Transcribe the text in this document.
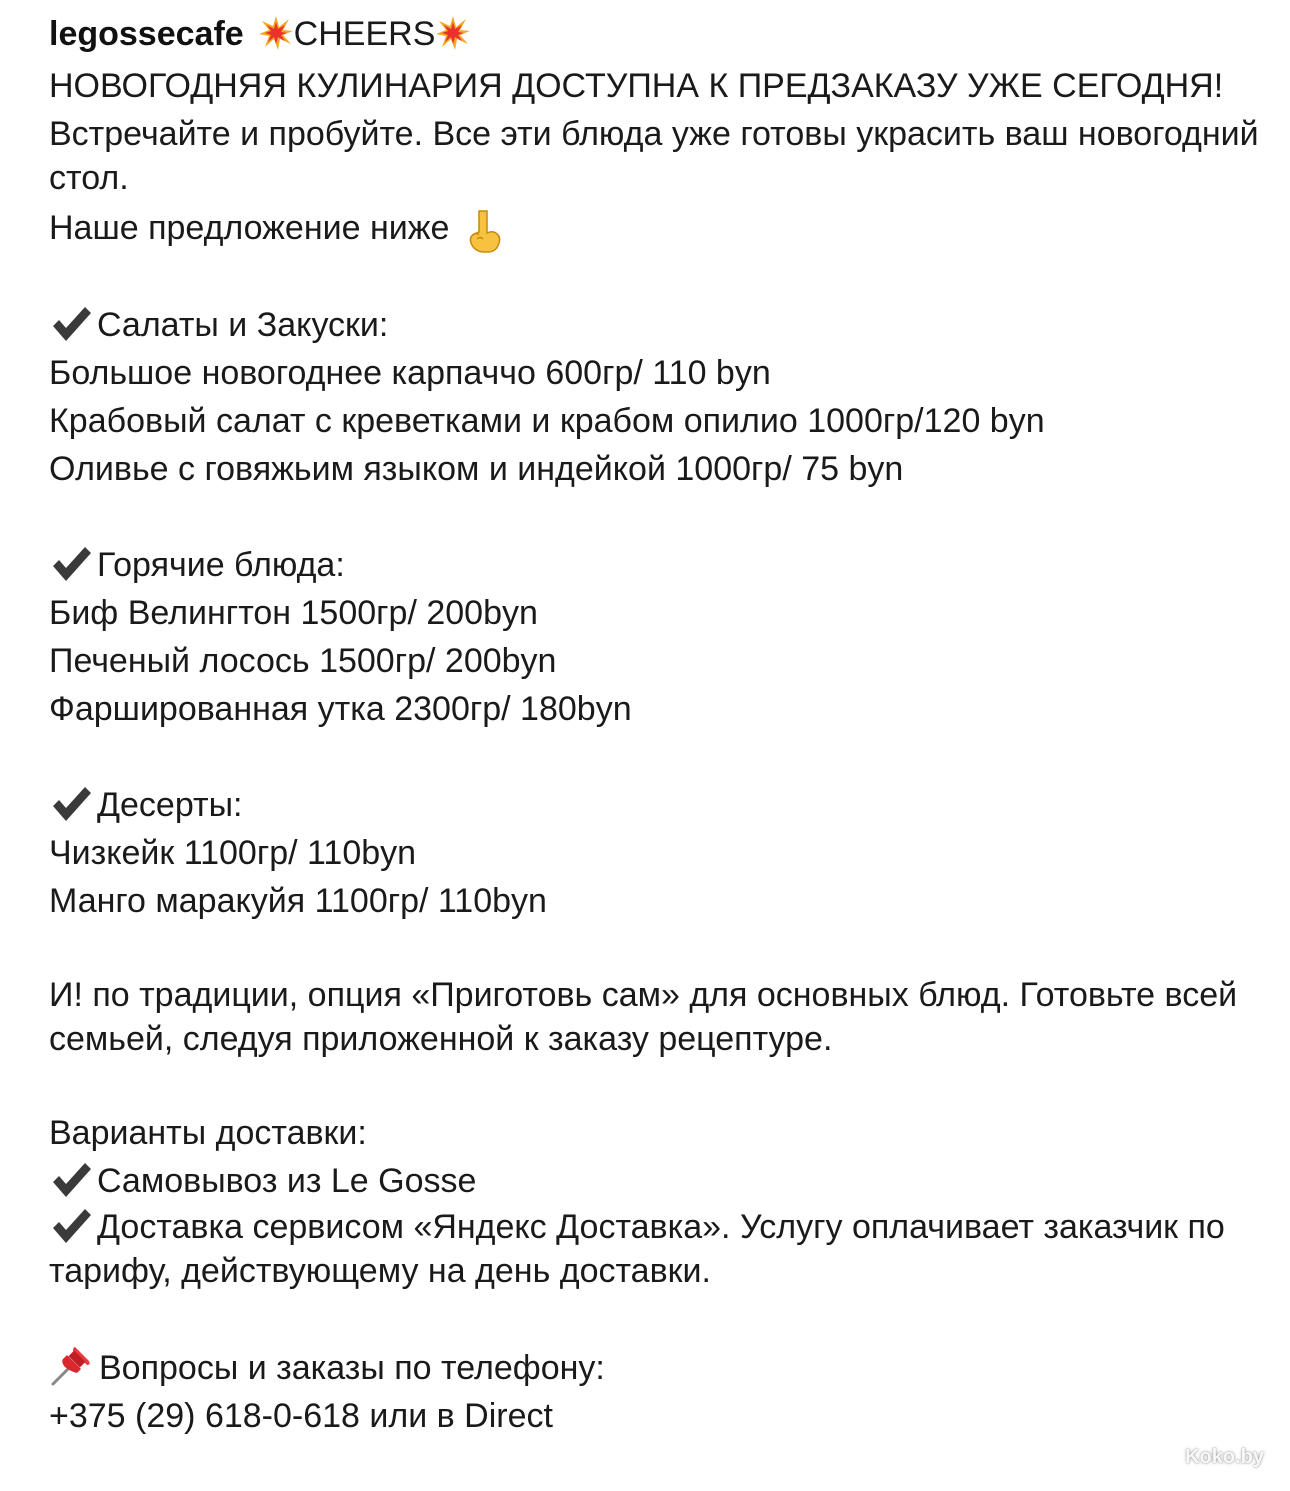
legossecafe CHEERS

НОВОГОДНЯЯ КУЛИНАРИЯ ДОСТУПНА К ПРЕДЗАКАЗУ УЖЕ СЕГОДНЯ!

Встречайте и пробуйте. Все эти блюда уже готовы украсить ваш новогодний стол.

Наше предложение ниже

Салаты и Закуски:

Большое новогоднее карпаччо 600гр/ 110 byn

Крабовый салат с креветками и крабом опилио 1000гр/120 byn

Оливье с говяжьим языком и индейкой 1000гр/ 75 byn

Горячие блюда:

Биф Велингтон 1500гр/ 200byn

Печеный лосось 1500гр/ 200byn

Фаршированная утка 2300гр/ 180byn

Десерты:

Чизкейк 1100гр/ 110byn

Манго маракуйя 1100гр/ 110byn

И! по традиции, опция «Приготовь сам» для основных блюд. Готовьте всей семьей, следуя приложенной к заказу рецептуре.

Варианты доставки:

Самовывоз из Le Gosse

Доставка сервисом «Яндекс Доставка». Услугу оплачивает заказчик по тарифу, действующему на день доставки.

Вопросы и заказы по телефону:

+375 (29) 618-0-618 или в Direct

Koko.by
